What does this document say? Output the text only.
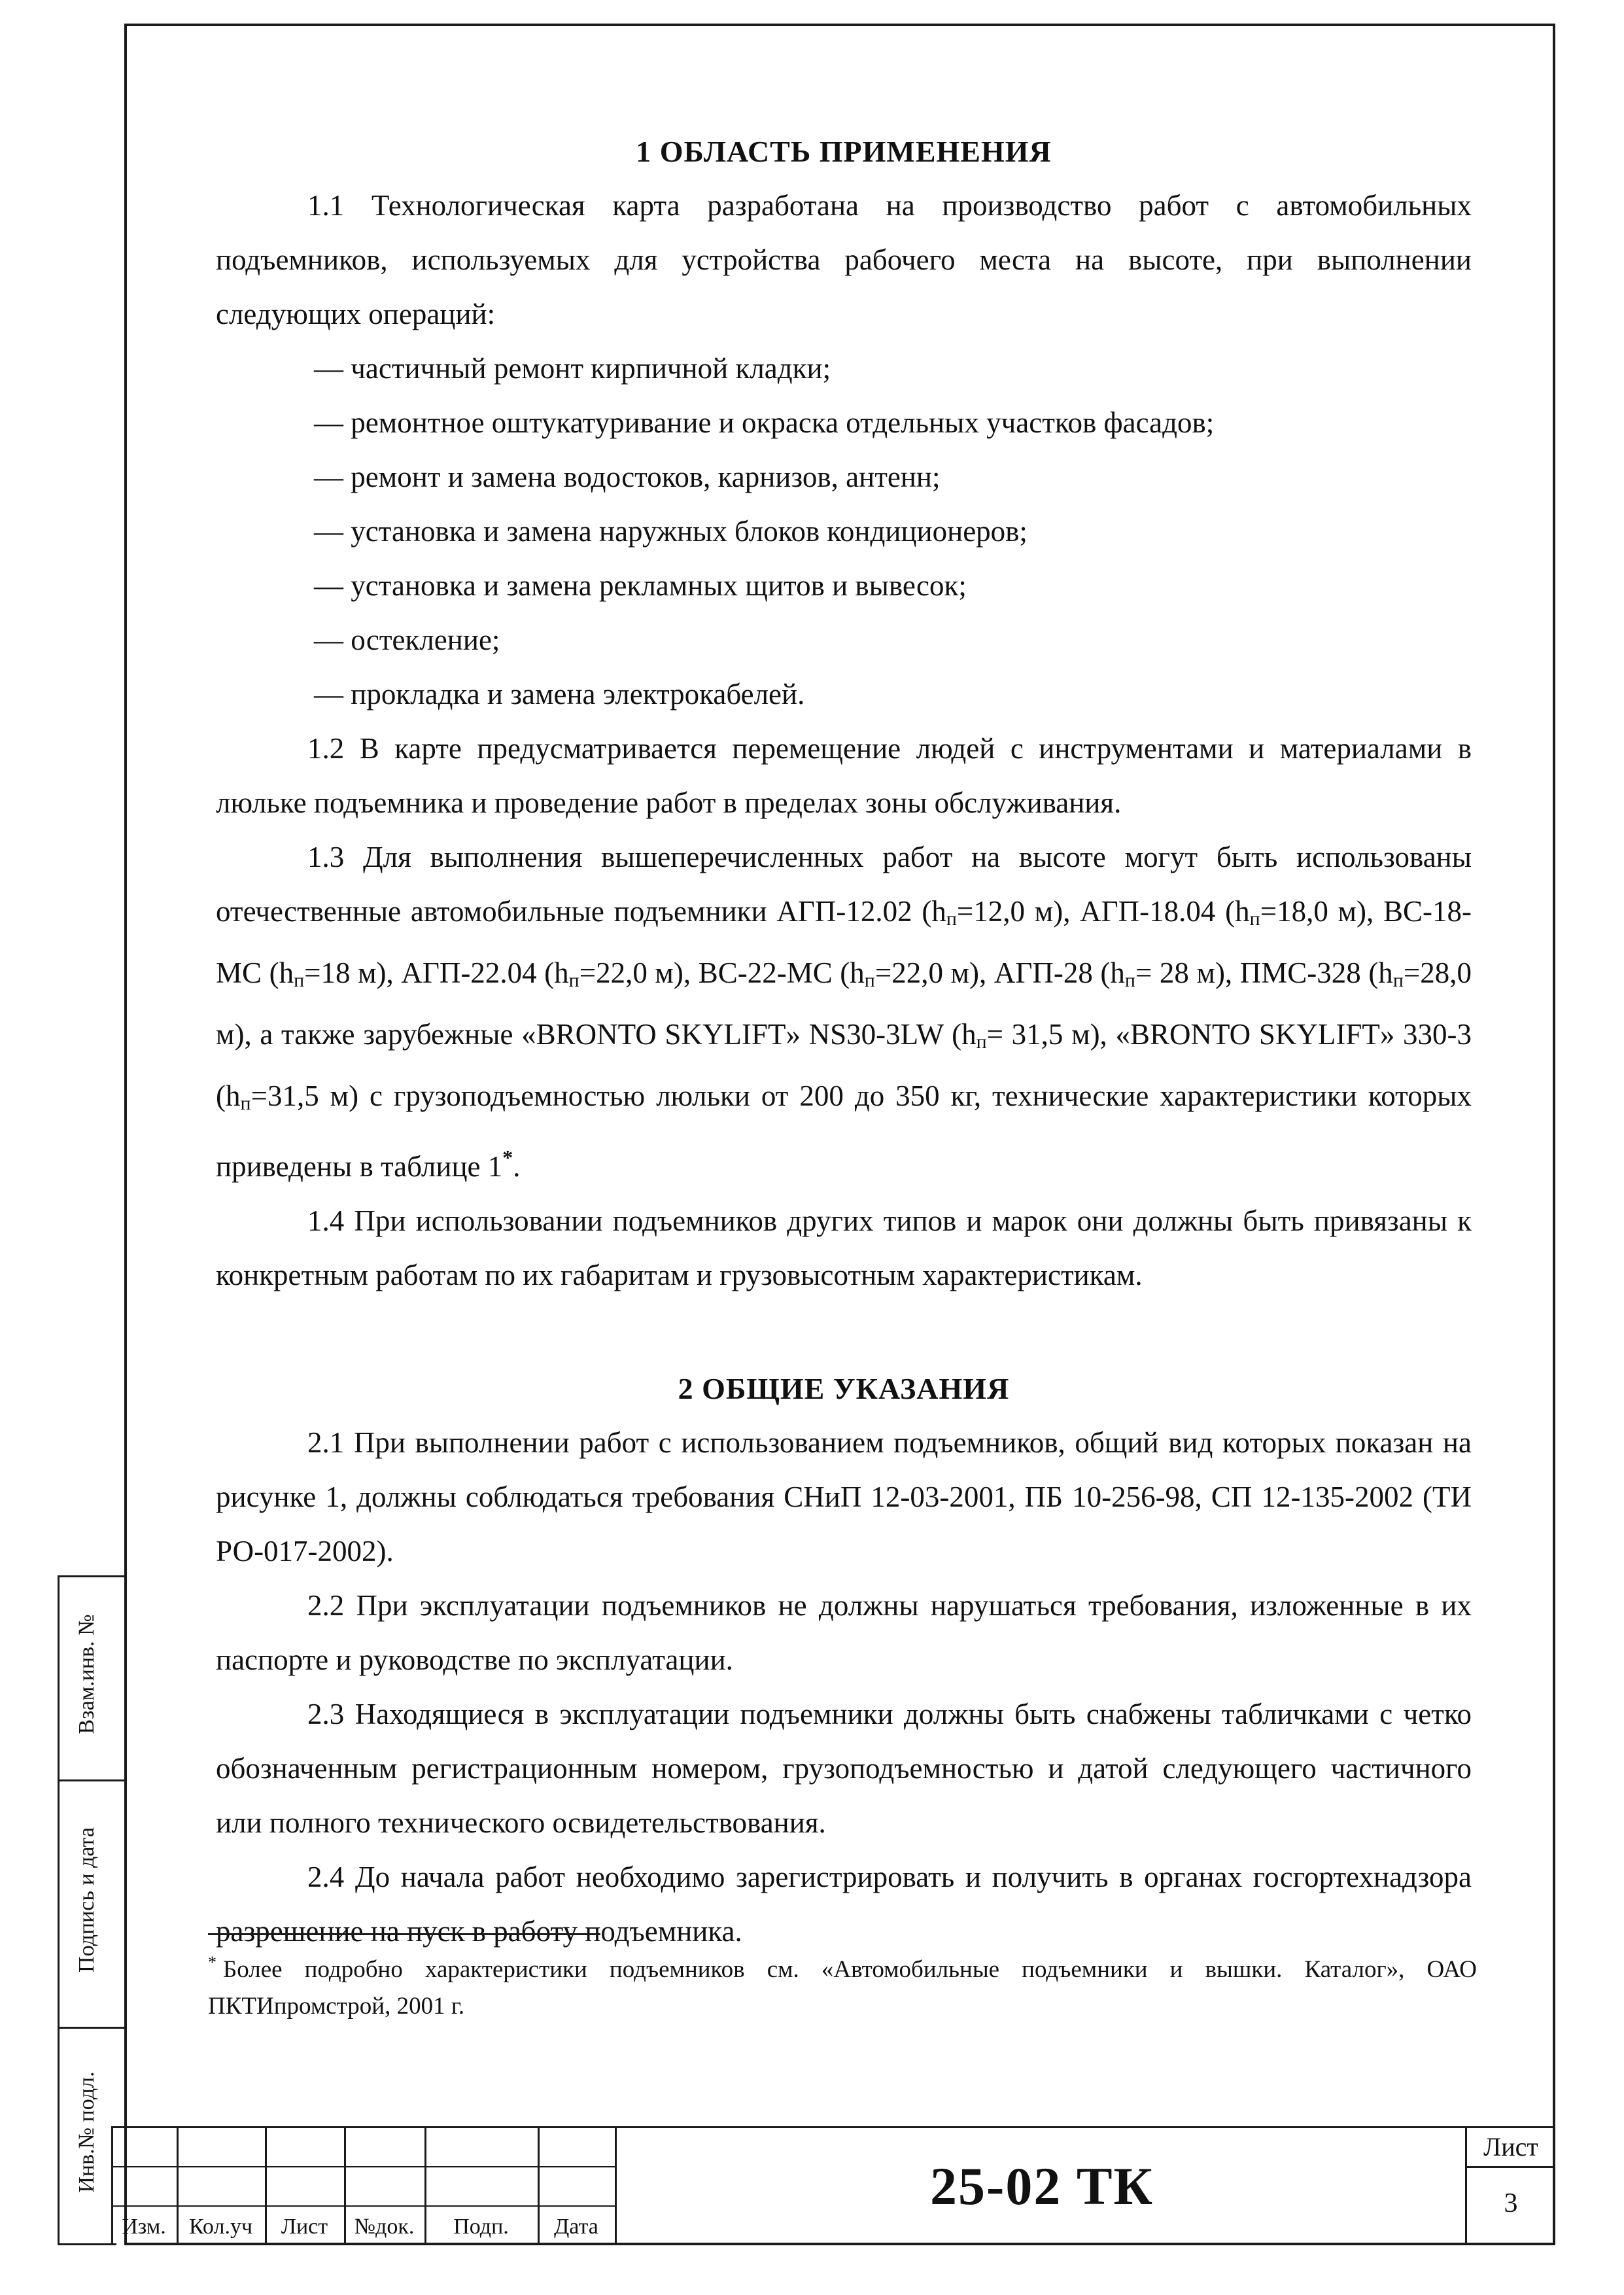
1 ОБЛАСТЬ ПРИМЕНЕНИЯ

1.1 Технологическая карта разработана на производство работ с автомобильных подъемников, используемых для устройства рабочего места на высоте, при выполнении следующих операций:

— частичный ремонт кирпичной кладки;

— ремонтное оштукатуривание и окраска отдельных участков фасадов;

— ремонт и замена водостоков, карнизов, антенн;

— установка и замена наружных блоков кондиционеров;

— установка и замена рекламных щитов и вывесок;

— остекление;

— прокладка и замена электрокабелей.

1.2 В карте предусматривается перемещение людей с инструментами и материалами в люльке подъемника и проведение работ в пределах зоны обслуживания.

1.3 Для выполнения вышеперечисленных работ на высоте могут быть использованы отечественные автомобильные подъемники АГП-12.02 ($h_п=12,0$ м), АГП-18.04 ($h_п=18,0$ м), ВС-18-МС ($h_п=18$ м), АГП-22.04 ($h_п=22,0$ м), ВС-22-МС ($h_п=22,0$ м), АГП-28 ($h_п= 28$ м), ПМС-328 ($h_п=28,0$ м), а также зарубежные «BRONTO SKYLIFT» NS30-3LW ($h_п= 31,5$ м), «BRONTO SKYLIFT» 330-3 ($h_п=31,5$ м) с грузоподъемностью люльки от 200 до 350 кг, технические характеристики которых приведены в таблице 1*.

1.4 При использовании подъемников других типов и марок они должны быть привязаны к конкретным работам по их габаритам и грузовысотным характеристикам.

2 ОБЩИЕ УКАЗАНИЯ

2.1 При выполнении работ с использованием подъемников, общий вид которых показан на рисунке 1, должны соблюдаться требования СНиП 12-03-2001, ПБ 10-256-98, СП 12-135-2002 (ТИ РО-017-2002).

2.2 При эксплуатации подъемников не должны нарушаться требования, изложенные в их паспорте и руководстве по эксплуатации.

2.3 Находящиеся в эксплуатации подъемники должны быть снабжены табличками с четко обозначенным регистрационным номером, грузоподъемностью и датой следующего частичного или полного технического освидетельствования.

2.4 До начала работ необходимо зарегистрировать и получить в органах госгортехнадзора разрешение на пуск в работу подъемника.

* Более подробно характеристики подъемников см. «Автомобильные подъемники и вышки. Каталог», ОАО ПКТИпромстрой, 2001 г.
Взам.инв. №
Подпись и дата
Инв.№ подл.
Изм.	Кол.уч	Лист	№док.	Подп.	Дата
25-02 ТК
Лист
3
